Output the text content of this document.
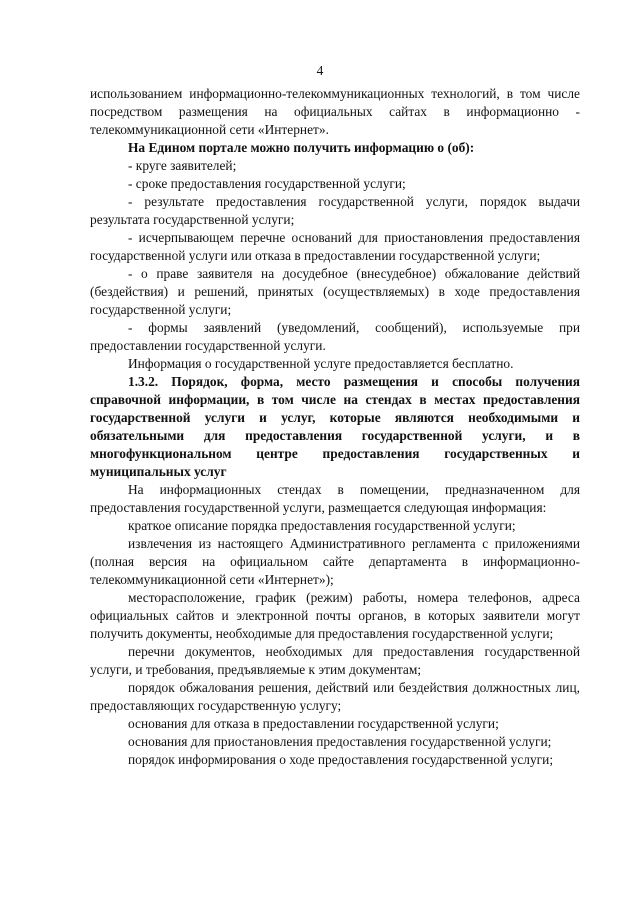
4

использованием информационно-телекоммуникационных технологий, в том числе посредством размещения на официальных сайтах в информационно - телекоммуникационной сети «Интернет».

На Едином портале можно получить информацию о (об):

- круге заявителей;

- сроке предоставления государственной услуги;

- результате предоставления государственной услуги, порядок выдачи результата государственной услуги;

- исчерпывающем перечне оснований для приостановления предоставления государственной услуги или отказа в предоставлении государственной услуги;

- о праве заявителя на досудебное (внесудебное) обжалование действий (бездействия) и решений, принятых (осуществляемых) в ходе предоставления государственной услуги;

- формы заявлений (уведомлений, сообщений), используемые при предоставлении государственной услуги.

Информация о государственной услуге предоставляется бесплатно.

1.3.2. Порядок, форма, место размещения и способы получения справочной информации, в том числе на стендах в местах предоставления государственной услуги и услуг, которые являются необходимыми и обязательными для предоставления государственной услуги, и в многофункциональном центре предоставления государственных и муниципальных услуг

На информационных стендах в помещении, предназначенном для предоставления государственной услуги, размещается следующая информация:

краткое описание порядка предоставления государственной услуги;

извлечения из настоящего Административного регламента с приложениями (полная версия на официальном сайте департамента в информационно-телекоммуникационной сети «Интернет»);

месторасположение, график (режим) работы, номера телефонов, адреса официальных сайтов и электронной почты органов, в которых заявители могут получить документы, необходимые для предоставления государственной услуги;

перечни документов, необходимых для предоставления государственной услуги, и требования, предъявляемые к этим документам;

порядок обжалования решения, действий или бездействия должностных лиц, предоставляющих государственную услугу;

основания для отказа в предоставлении государственной услуги;

основания для приостановления предоставления государственной услуги;

порядок информирования о ходе предоставления государственной услуги;
